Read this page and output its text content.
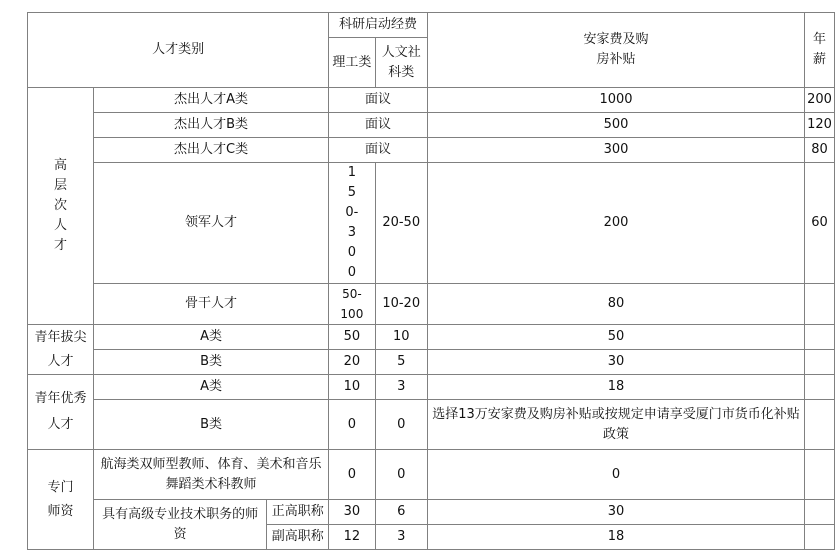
人才类别			科研启动经费		安家费及购房补贴	年薪
			理工类	人文社科类		

高层次人才	杰出人才A类		面议		1000	200
	杰出人才B类		面议		500	120
	杰出人才C类		面议		300	80
	领军人才		150-300	20-50	200	60
	骨干人才		50-100	10-20	80	
青年拔尖人才	A类		50	10	50	
	B类		20	5	30	
青年优秀人才	A类		10	3	18	
	B类		0	0	选择13万安家费及购房补贴或按规定申请享受厦门市货币化补贴政策	
专门师资	航海类双师型教师、体育、美术和音乐舞蹈类术科教师		0	0	0	
	具有高级专业技术职务的师资	正高职称	30	6	30	
		副高职称	12	3	18	
